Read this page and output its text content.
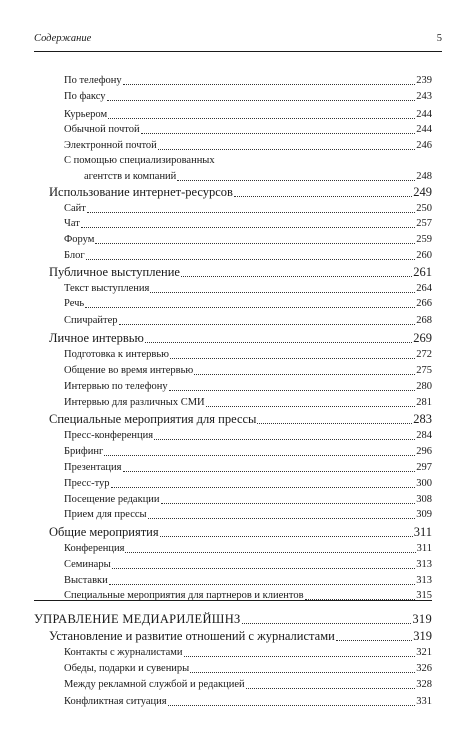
Содержание	5
По телефону	239
По факсу	243
Курьером	244
Обычной почтой	244
Электронной почтой	246
С помощью специализированных
агентств и компаний	248
Использование интернет-ресурсов	249
Сайт	250
Чат	257
Форум	259
Блог	260
Публичное выступление	261
Текст выступления	264
Речь	266
Спичрайтер	268
Личное интервью	269
Подготовка к интервью	272
Общение во время интервью	275
Интервью по телефону	280
Интервью для различных СМИ	281
Специальные мероприятия для прессы	283
Пресс-конференция	284
Брифинг	296
Презентация	297
Пресс-тур	300
Посещение редакции	308
Прием для прессы	309
Общие мероприятия	311
Конференция	311
Семинары	313
Выставки	313
Специальные мероприятия для партнеров и клиентов	315
УПРАВЛЕНИЕ МЕДИАРИЛЕЙШНЗ	319
Установление и развитие отношений с журналистами	319
Контакты с журналистами	321
Обеды, подарки и сувениры	326
Между рекламной службой и редакцией	328
Конфликтная ситуация	331
